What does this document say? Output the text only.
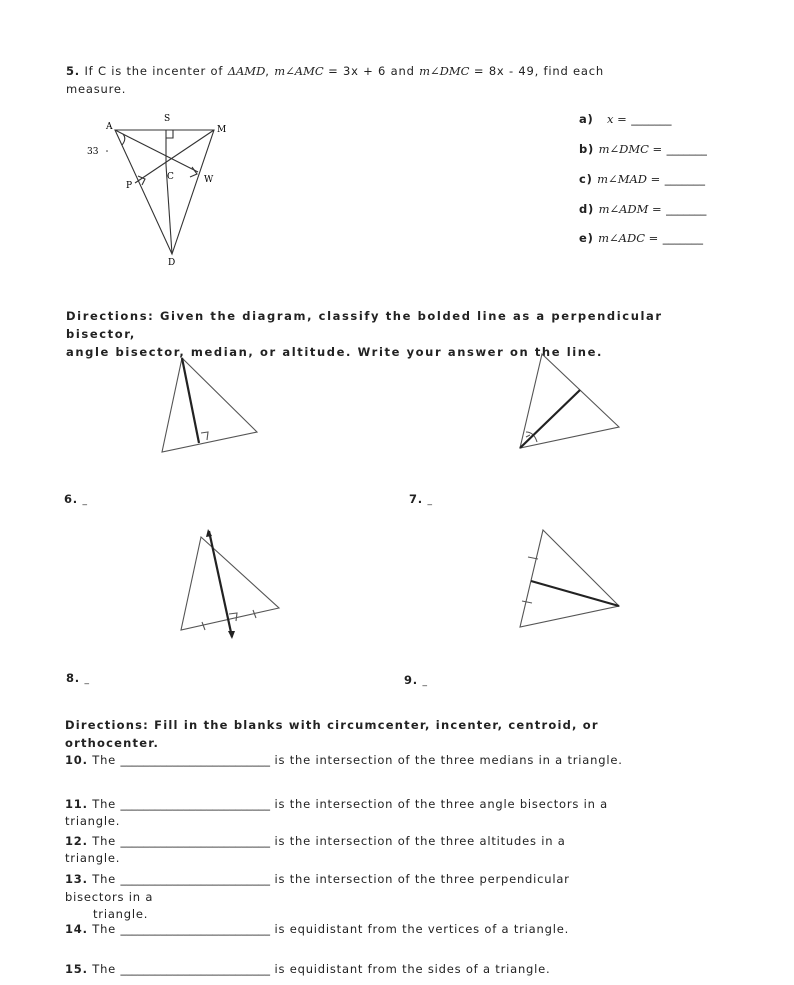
5. If C is the incenter of ΔAMD, m∠AMC = 3x + 6 and m∠DMC = 8x - 49, find each
measure.
A
S
M
C
P
W
D
33
a) x = _______
b) m∠DMC = _______
c) m∠MAD = _______
d) m∠ADM = _______
e) m∠ADC = _______
Directions: Given the diagram, classify the bolded line as a perpendicular bisector,
angle bisector, median, or altitude. Write your answer on the line.
6. _	7. _
8. _	9. _
Directions: Fill in the blanks with circumcenter, incenter, centroid, or
orthocenter.
10. The __________________________ is the intersection of the three medians in a triangle.
11. The __________________________ is the intersection of the three angle bisectors in a
triangle.
12. The __________________________ is the intersection of the three altitudes in a
triangle.
13. The __________________________ is the intersection of the three perpendicular
bisectors in a
triangle.
14. The __________________________ is equidistant from the vertices of a triangle.
15. The __________________________ is equidistant from the sides of a triangle.
